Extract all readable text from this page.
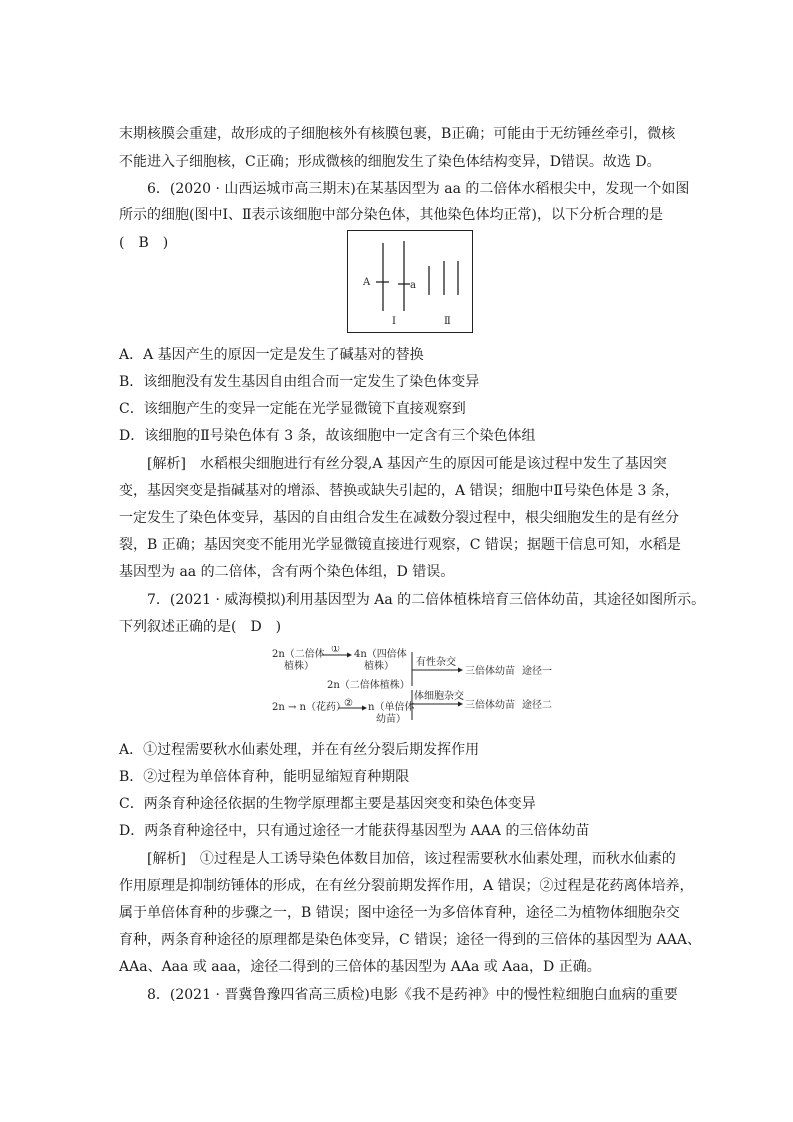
末期核膜会重建，故形成的子细胞核外有核膜包裹，B正确；可能由于无纺锤丝牵引，微核
不能进入子细胞核，C正确；形成微核的细胞发生了染色体结构变异，D错误。故选 D。
6．(2020 · 山西运城市高三期末)在某基因型为 aa 的二倍体水稻根尖中，发现一个如图
所示的细胞(图中Ⅰ、Ⅱ表示该细胞中部分染色体，其他染色体均正常)，以下分析合理的是
(　B　)
A	a
Ⅰ	Ⅱ
A．A 基因产生的原因一定是发生了碱基对的替换
B．该细胞没有发生基因自由组合而一定发生了染色体变异
C．该细胞产生的变异一定能在光学显微镜下直接观察到
D．该细胞的Ⅱ号染色体有 3 条，故该细胞中一定含有三个染色体组
[解析]　水稻根尖细胞进行有丝分裂,A 基因产生的原因可能是该过程中发生了基因突
变，基因突变是指碱基对的增添、替换或缺失引起的，A 错误；细胞中Ⅱ号染色体是 3 条，
一定发生了染色体变异，基因的自由组合发生在减数分裂过程中，根尖细胞发生的是有丝分
裂，B 正确；基因突变不能用光学显微镜直接进行观察，C 错误；据题干信息可知，水稻是
基因型为 aa 的二倍体，含有两个染色体组，D 错误。
7．(2021 · 威海模拟)利用基因型为 Aa 的二倍体植株培育三倍体幼苗，其途径如图所示。
下列叙述正确的是(　D　)
2n（二倍体
植株）
① 4n（四倍体
植株）
2n（二倍体植株）
2n → n（花药）
② n（单倍体
幼苗）
有性杂交
体细胞杂交
三倍体幼苗 途径一
三倍体幼苗 途径二
A．①过程需要秋水仙素处理，并在有丝分裂后期发挥作用
B．②过程为单倍体育种，能明显缩短育种期限
C．两条育种途径依据的生物学原理都主要是基因突变和染色体变异
D．两条育种途径中，只有通过途径一才能获得基因型为 AAA 的三倍体幼苗
[解析]　①过程是人工诱导染色体数目加倍，该过程需要秋水仙素处理，而秋水仙素的
作用原理是抑制纺锤体的形成，在有丝分裂前期发挥作用，A 错误；②过程是花药离体培养，
属于单倍体育种的步骤之一，B 错误；图中途径一为多倍体育种，途径二为植物体细胞杂交
育种，两条育种途径的原理都是染色体变异，C 错误；途径一得到的三倍体的基因型为 AAA、
AAa、Aaa 或 aaa，途径二得到的三倍体的基因型为 AAa 或 Aaa，D 正确。
8．(2021 · 晋冀鲁豫四省高三质检)电影《我不是药神》中的慢性粒细胞白血病的重要
